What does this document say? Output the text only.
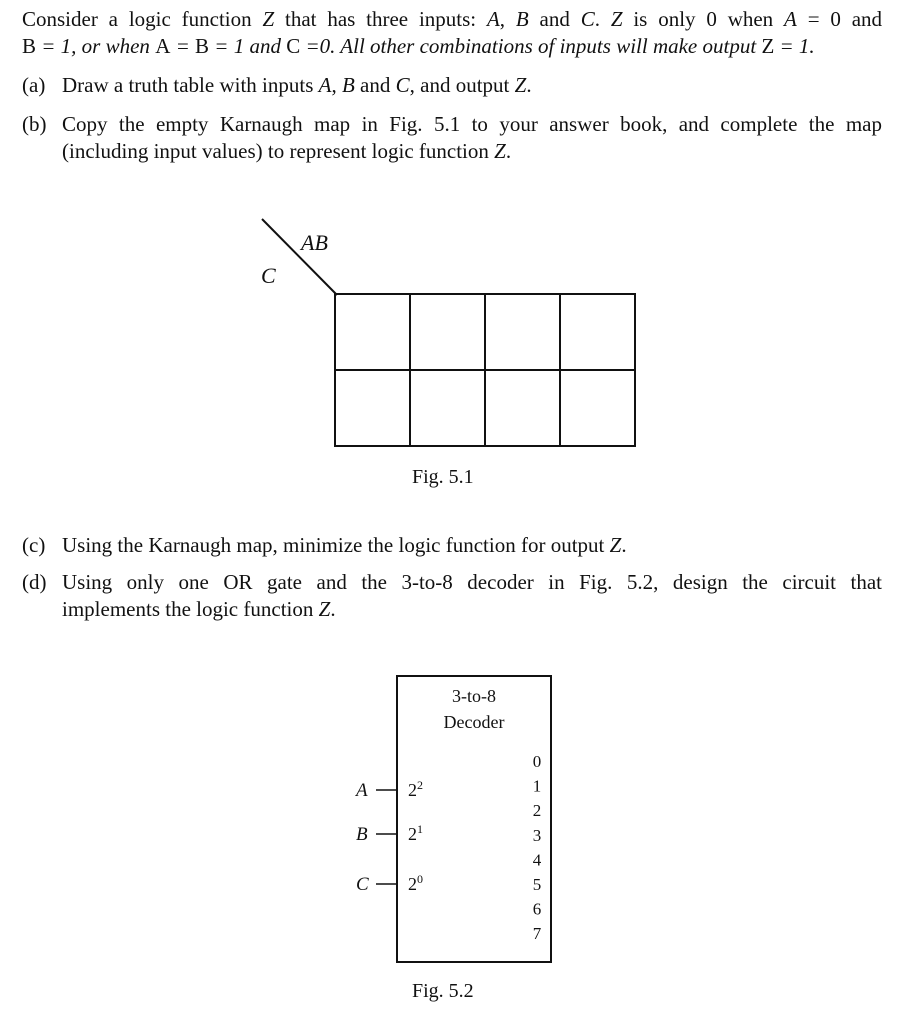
Consider a logic function Z that has three inputs: A, B and C. Z is only 0 when A = 0 and
B = 1, or when A = B = 1 and C =0. All other combinations of inputs will make output Z = 1.
(a) Draw a truth table with inputs A, B and C, and output Z.
(b) Copy the empty Karnaugh map in Fig. 5.1 to your answer book, and complete the map
(including input values) to represent logic function Z.
AB
C
Fig. 5.1
(c) Using the Karnaugh map, minimize the logic function for output Z.
(d) Using only one OR gate and the 3-to-8 decoder in Fig. 5.2, design the circuit that
implements the logic function Z.
3-to-8
Decoder
A $2^2$
B $2^1$
C $2^0$
0
1
2
3
4
5
6
7
Fig. 5.2
